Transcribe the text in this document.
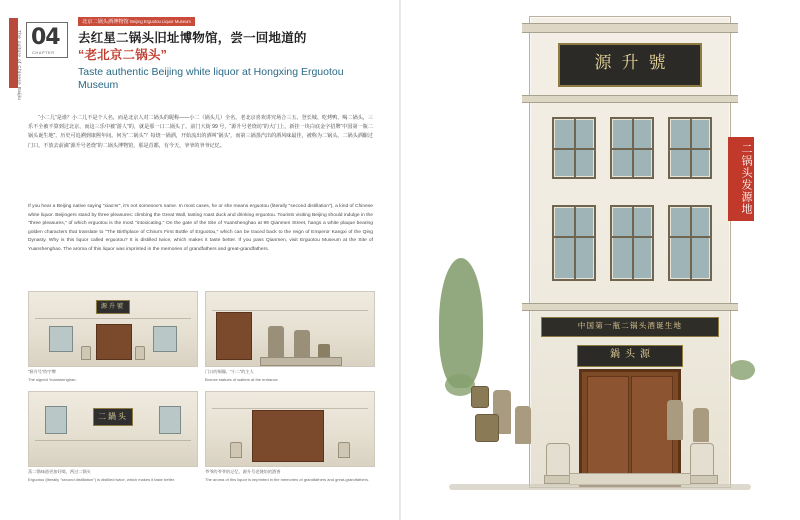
The culture of Chinese Baijiu 04
CHAPTER
北京二锅头酒博物馆 Beijing Erguotou Liquor Museum
去红星二锅头旧址博物馆，尝一回地道的
“老北京二锅头”
Taste authentic Beijing white liquor at Hongxing Erguotou Museum
“小二儿”是谁？小二儿不是个人名，而是北京人对二锅头的昵称——小二（锅头儿）全名。老北京喜欢讲究场合三五、登长城、吃烤鸭、喝二锅头，三乐不全被不算到过北京，而这三乐中被“游人”的，就是那一口二锅头了。前门大街 99 号，“源升号老烧坊”的大门上，新挂一块白底金字招牌“中国第一瓶二锅头诞生地”，历史可追溯到康熙年间。何为“二锅头”？每烧一锅酒，开始流出的酒叫“锅头”，而第三锅蒸汽出的酒风味最佳，被称为二锅头。二锅头酒酿过门口，不放去前滴“源升号老烧”的二锅头博物馆，那是首都，有今天，爷爷的爷爷记忆。
If you hear a Beijing native saying "xiao'er", it's not someone's name. In most cases, he or she means erguotou (literally "second distillation"), a kind of Chinese white liquor. Beijingers stand by three pleasures: climbing the Great Wall, tasting roast duck and drinking erguotou. Tourists visiting Beijing should indulge in the "three pleasures," of which erguotou is the most "intoxicating." On the gate of the Site of Yuanshenghao at 99 Qianmen Street, hangs a white plaque bearing golden characters that translate to "The Birthplace of China's First Bottle of Erguotou," which can be traced back to the reign of Emperor Kangxi of the Qing Dynasty. Why is this liquor called erguotou? It is distilled twice, which makes it taste better. If you pass Qianmen, visit Erguotou Museum at the Site of Yuanshenghao. The aroma of this liquor was imprinted in the memories of grandfathers and great-grandfathers.
源升號
“源升号”的字牌
The signed Yuanshenghao.
门口的铜像，“小二”的主人
Bronze statues of waiters at the entrance.
二鍋头
蒸二锅味道更加好喝，两过二锅头
Erguotou (literally "second distillation") is distilled twice, which makes it taste better.
爷爷的爷爷的记忆，源升号老烧坊的酒香
The aroma of this liquor is imprinted in the memories of grandfathers and great-grandfathers.
源升號
二锅头发源地
中国第一瓶二锅头酒诞生地
鍋头源
